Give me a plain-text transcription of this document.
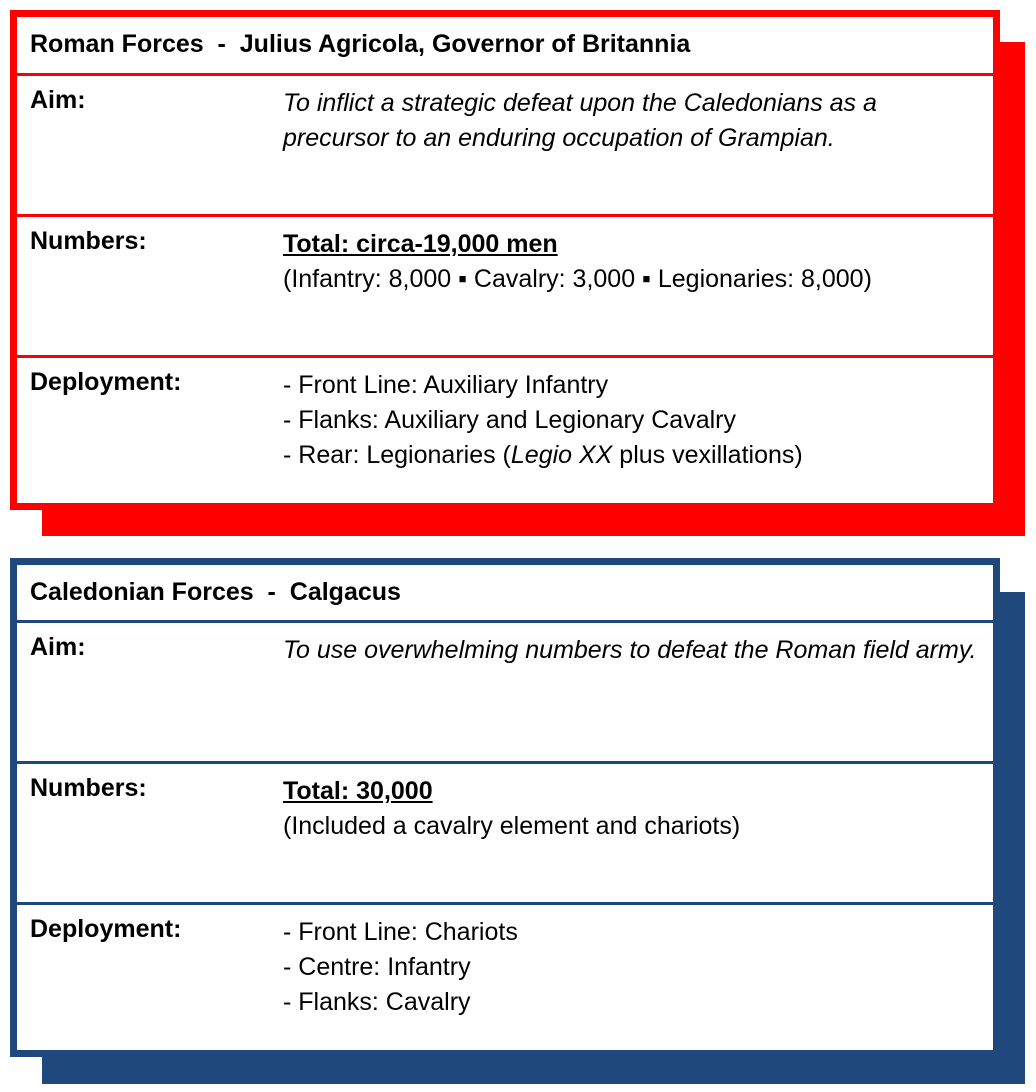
Roman Forces  -  Julius Agricola, Governor of Britannia
Aim:	To inflict a strategic defeat upon the Caledonians as a precursor to an enduring occupation of Grampian.
Numbers:	Total: circa-19,000 men
(Infantry: 8,000 ▪ Cavalry: 3,000 ▪ Legionaries: 8,000)
Deployment:	- Front Line: Auxiliary Infantry
- Flanks: Auxiliary and Legionary Cavalry
- Rear: Legionaries (Legio XX plus vexillations)
Caledonian Forces  -  Calgacus
Aim:	To use overwhelming numbers to defeat the Roman field army.
Numbers:	Total: 30,000
(Included a cavalry element and chariots)
Deployment:	- Front Line: Chariots
- Centre: Infantry
- Flanks: Cavalry
